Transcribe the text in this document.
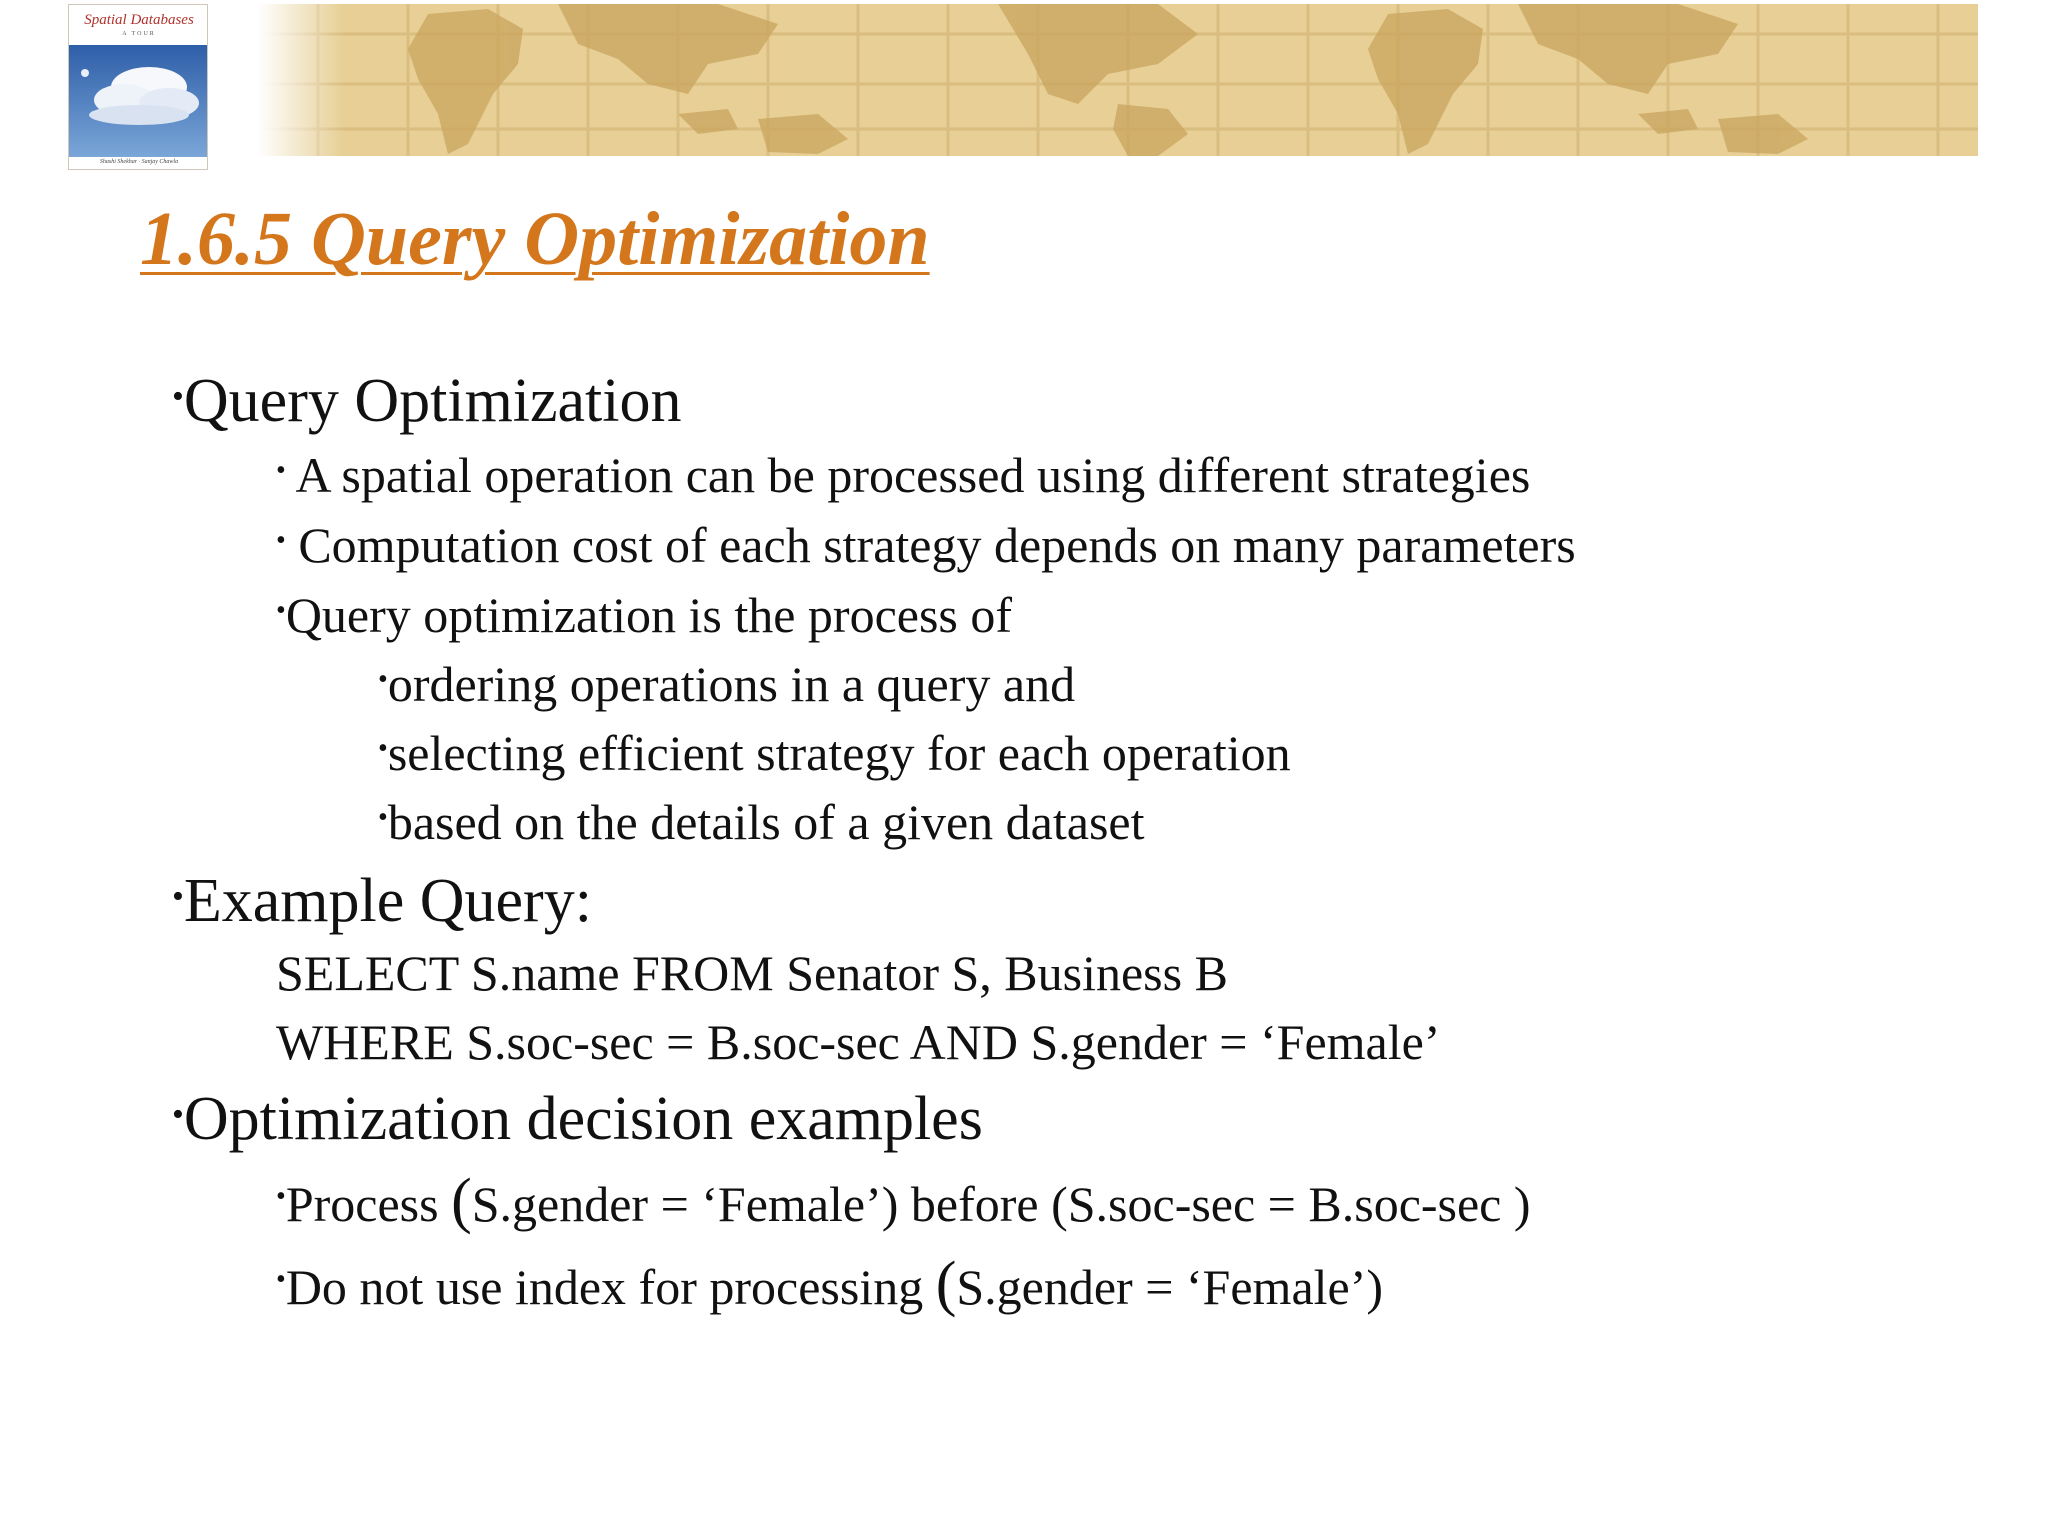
Spatial Databases
A TOUR
Shashi Shekhar · Sanjay Chawla
1.6.5 Query Optimization
•Query Optimization
• A spatial operation can be processed using different strategies
• Computation cost of each strategy depends on many parameters
•Query optimization is the process of
•ordering operations in a query and
•selecting efficient strategy for each operation
•based on the details of a given dataset
•Example Query:
SELECT S.name FROM Senator S, Business B
WHERE S.soc-sec = B.soc-sec AND S.gender = ‘Female’
•Optimization decision examples
•Process (S.gender = ‘Female’) before (S.soc-sec = B.soc-sec )
•Do not use index for processing (S.gender = ‘Female’)
